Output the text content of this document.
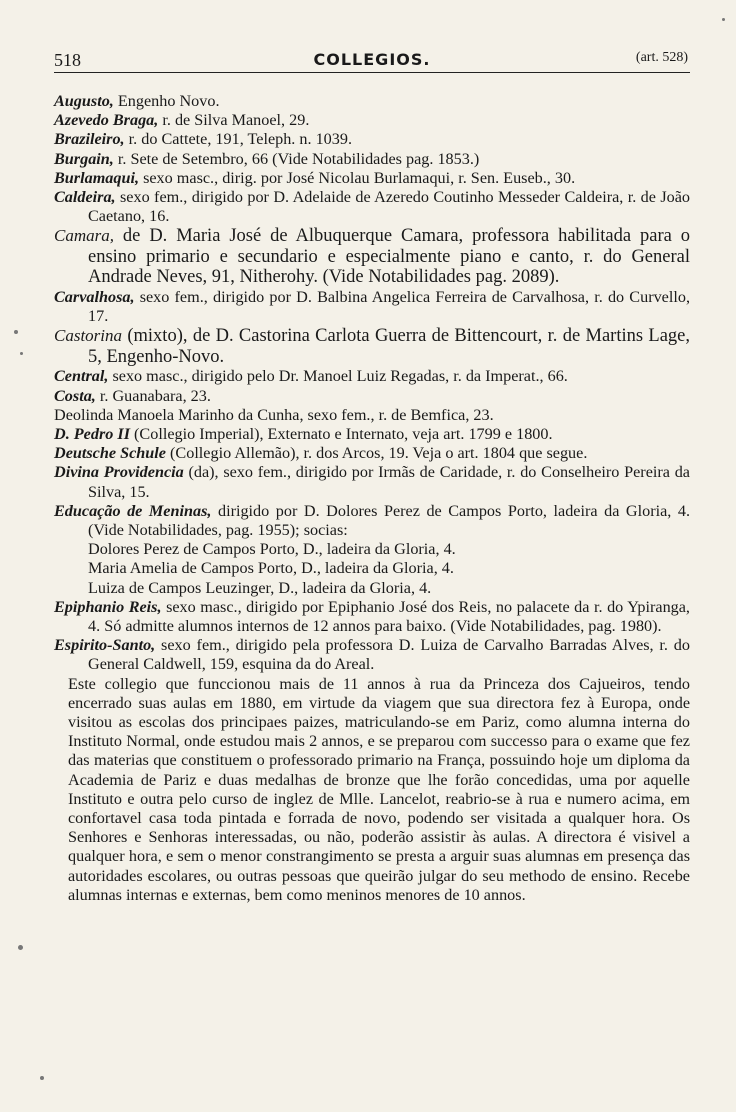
518	COLLEGIOS.	(art. 528)

Augusto, Engenho Novo.

Azevedo Braga, r. de Silva Manoel, 29.

Brazileiro, r. do Cattete, 191, Teleph. n. 1039.

Burgain, r. Sete de Setembro, 66 (Vide Notabilidades pag. 1853.)

Burlamaqui, sexo masc., dirig. por José Nicolau Burlamaqui, r. Sen. Euseb., 30.

Caldeira, sexo fem., dirigido por D. Adelaide de Azeredo Coutinho Messeder Caldeira, r. de João Caetano, 16.

Camara, de D. Maria José de Albuquerque Camara, professora habilitada para o ensino primario e secundario e especialmente piano e canto, r. do General Andrade Neves, 91, Nitherohy. (Vide Notabilidades pag. 2089).

Carvalhosa, sexo fem., dirigido por D. Balbina Angelica Ferreira de Carvalhosa, r. do Curvello, 17.

Castorina (mixto), de D. Castorina Carlota Guerra de Bittencourt, r. de Martins Lage, 5, Engenho-Novo.

Central, sexo masc., dirigido pelo Dr. Manoel Luiz Regadas, r. da Imperat., 66.

Costa, r. Guanabara, 23.

Deolinda Manoela Marinho da Cunha, sexo fem., r. de Bemfica, 23.

D. Pedro II (Collegio Imperial), Externato e Internato, veja art. 1799 e 1800.

Deutsche Schule (Collegio Allemão), r. dos Arcos, 19. Veja o art. 1804 que segue.

Divina Providencia (da), sexo fem., dirigido por Irmãs de Caridade, r. do Conselheiro Pereira da Silva, 15.

Educação de Meninas, dirigido por D. Dolores Perez de Campos Porto, ladeira da Gloria, 4. (Vide Notabilidades, pag. 1955); socias:

Dolores Perez de Campos Porto, D., ladeira da Gloria, 4.

Maria Amelia de Campos Porto, D., ladeira da Gloria, 4.

Luiza de Campos Leuzinger, D., ladeira da Gloria, 4.

Epiphanio Reis, sexo masc., dirigido por Epiphanio José dos Reis, no palacete da r. do Ypiranga, 4. Só admitte alumnos internos de 12 annos para baixo. (Vide Notabilidades, pag. 1980).

Espirito-Santo, sexo fem., dirigido pela professora D. Luiza de Carvalho Barradas Alves, r. do General Caldwell, 159, esquina da do Areal.

Este collegio que funccionou mais de 11 annos à rua da Princeza dos Cajueiros, tendo encerrado suas aulas em 1880, em virtude da viagem que sua directora fez à Europa, onde visitou as escolas dos principaes paizes, matriculando-se em Pariz, como alumna interna do Instituto Normal, onde estudou mais 2 annos, e se preparou com successo para o exame que fez das materias que constituem o professorado primario na França, possuindo hoje um diploma da Academia de Pariz e duas medalhas de bronze que lhe forão concedidas, uma por aquelle Instituto e outra pelo curso de inglez de Mlle. Lancelot, reabrio-se à rua e numero acima, em confortavel casa toda pintada e forrada de novo, podendo ser visitada a qualquer hora. Os Senhores e Senhoras interessadas, ou não, poderão assistir às aulas. A directora é visivel a qualquer hora, e sem o menor constrangimento se presta a arguir suas alumnas em presença das autoridades escolares, ou outras pessoas que queirão julgar do seu methodo de ensino. Recebe alumnas internas e externas, bem como meninos menores de 10 annos.
